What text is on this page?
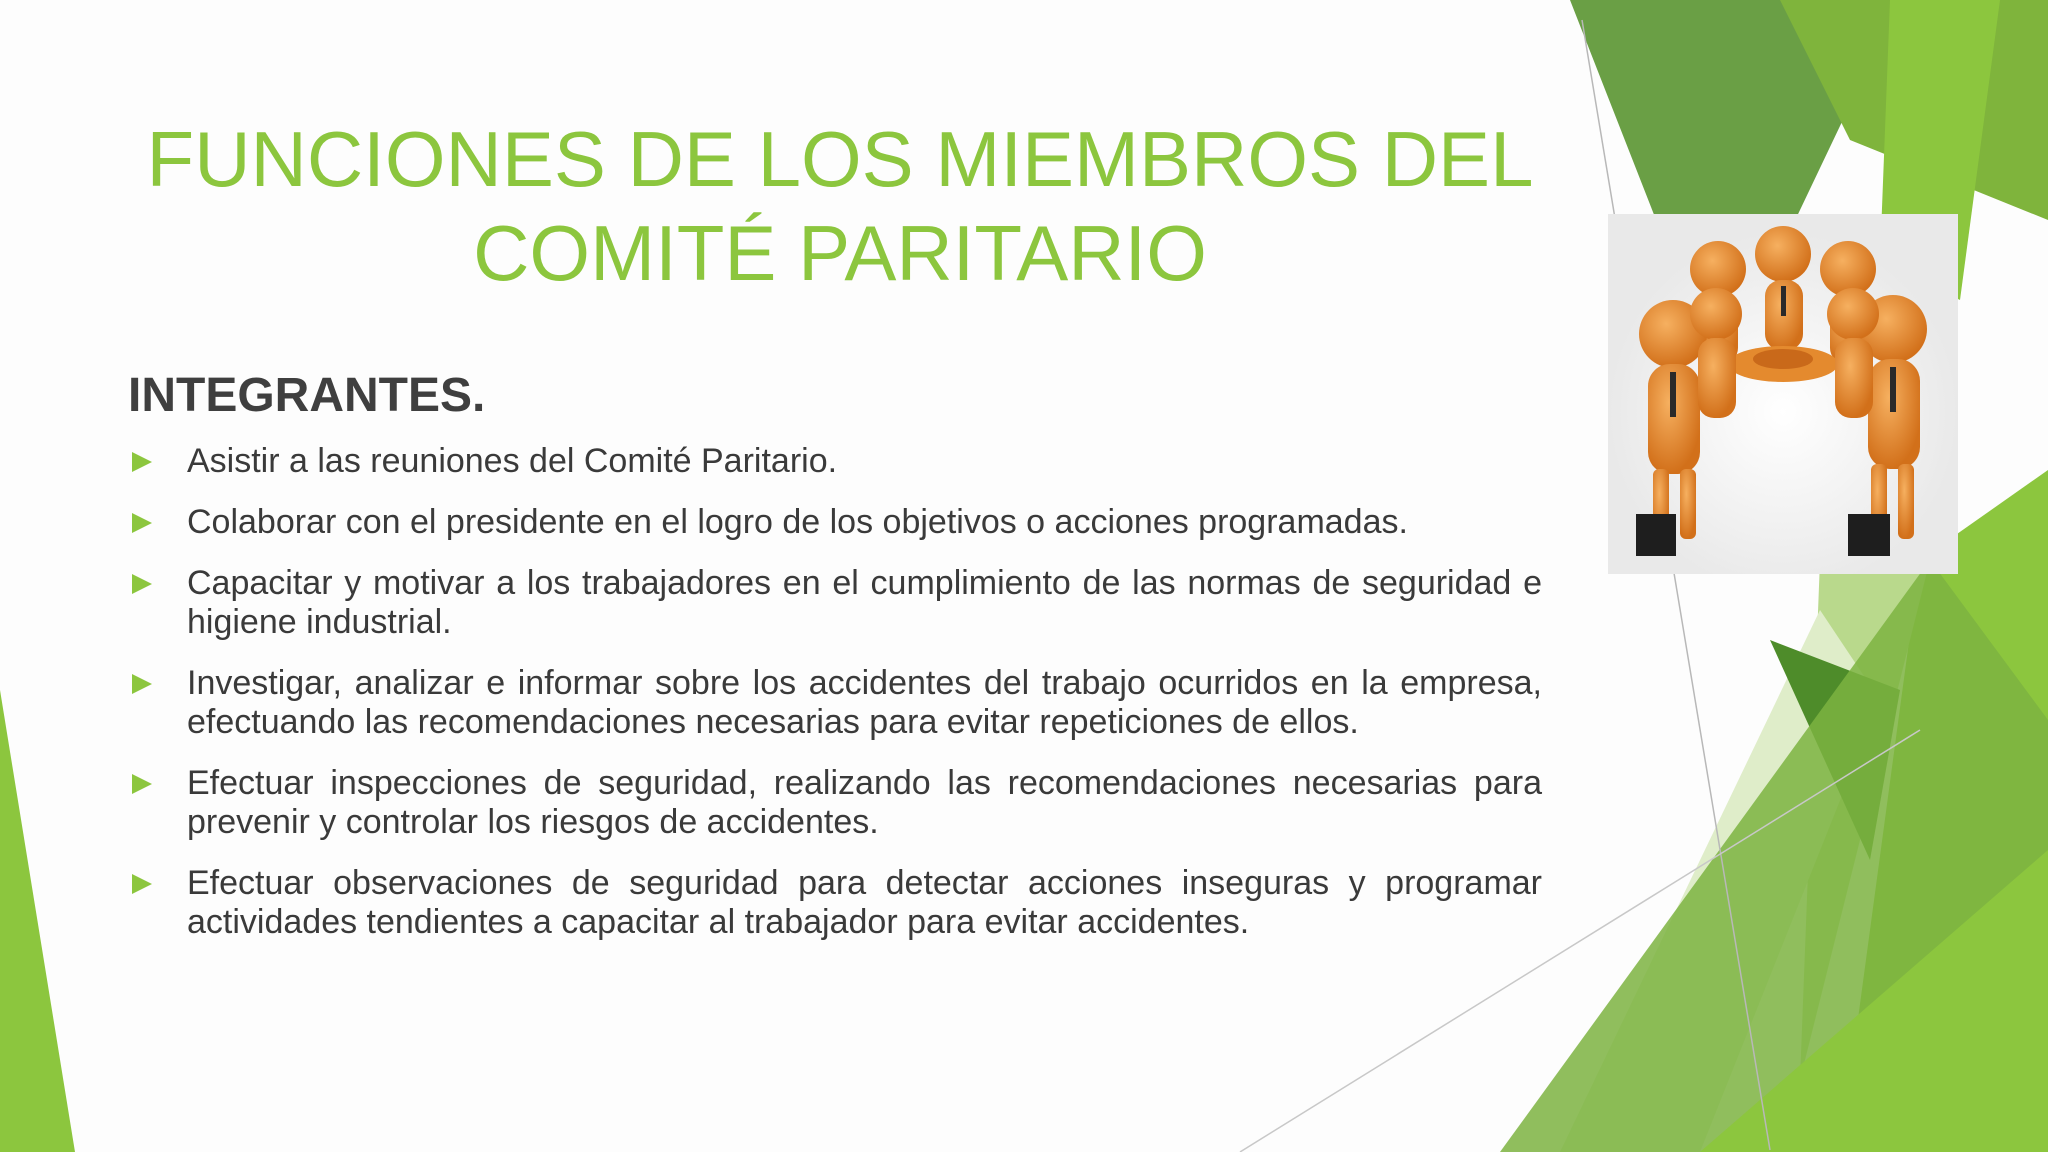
FUNCIONES DE LOS MIEMBROS DEL
COMITÉ PARITARIO
INTEGRANTES.
Asistir a las reuniones del Comité Paritario.
Colaborar con el presidente en el logro de los objetivos o acciones programadas.
Capacitar y motivar a los trabajadores en el cumplimiento de las normas de seguridad e higiene industrial.
Investigar, analizar e informar sobre los accidentes del trabajo ocurridos en la empresa, efectuando las recomendaciones necesarias para evitar repeticiones de ellos.
Efectuar inspecciones de seguridad, realizando las recomendaciones necesarias para prevenir y controlar los riesgos de accidentes.
Efectuar observaciones de seguridad para detectar acciones inseguras y programar actividades tendientes a capacitar al trabajador para evitar accidentes.
